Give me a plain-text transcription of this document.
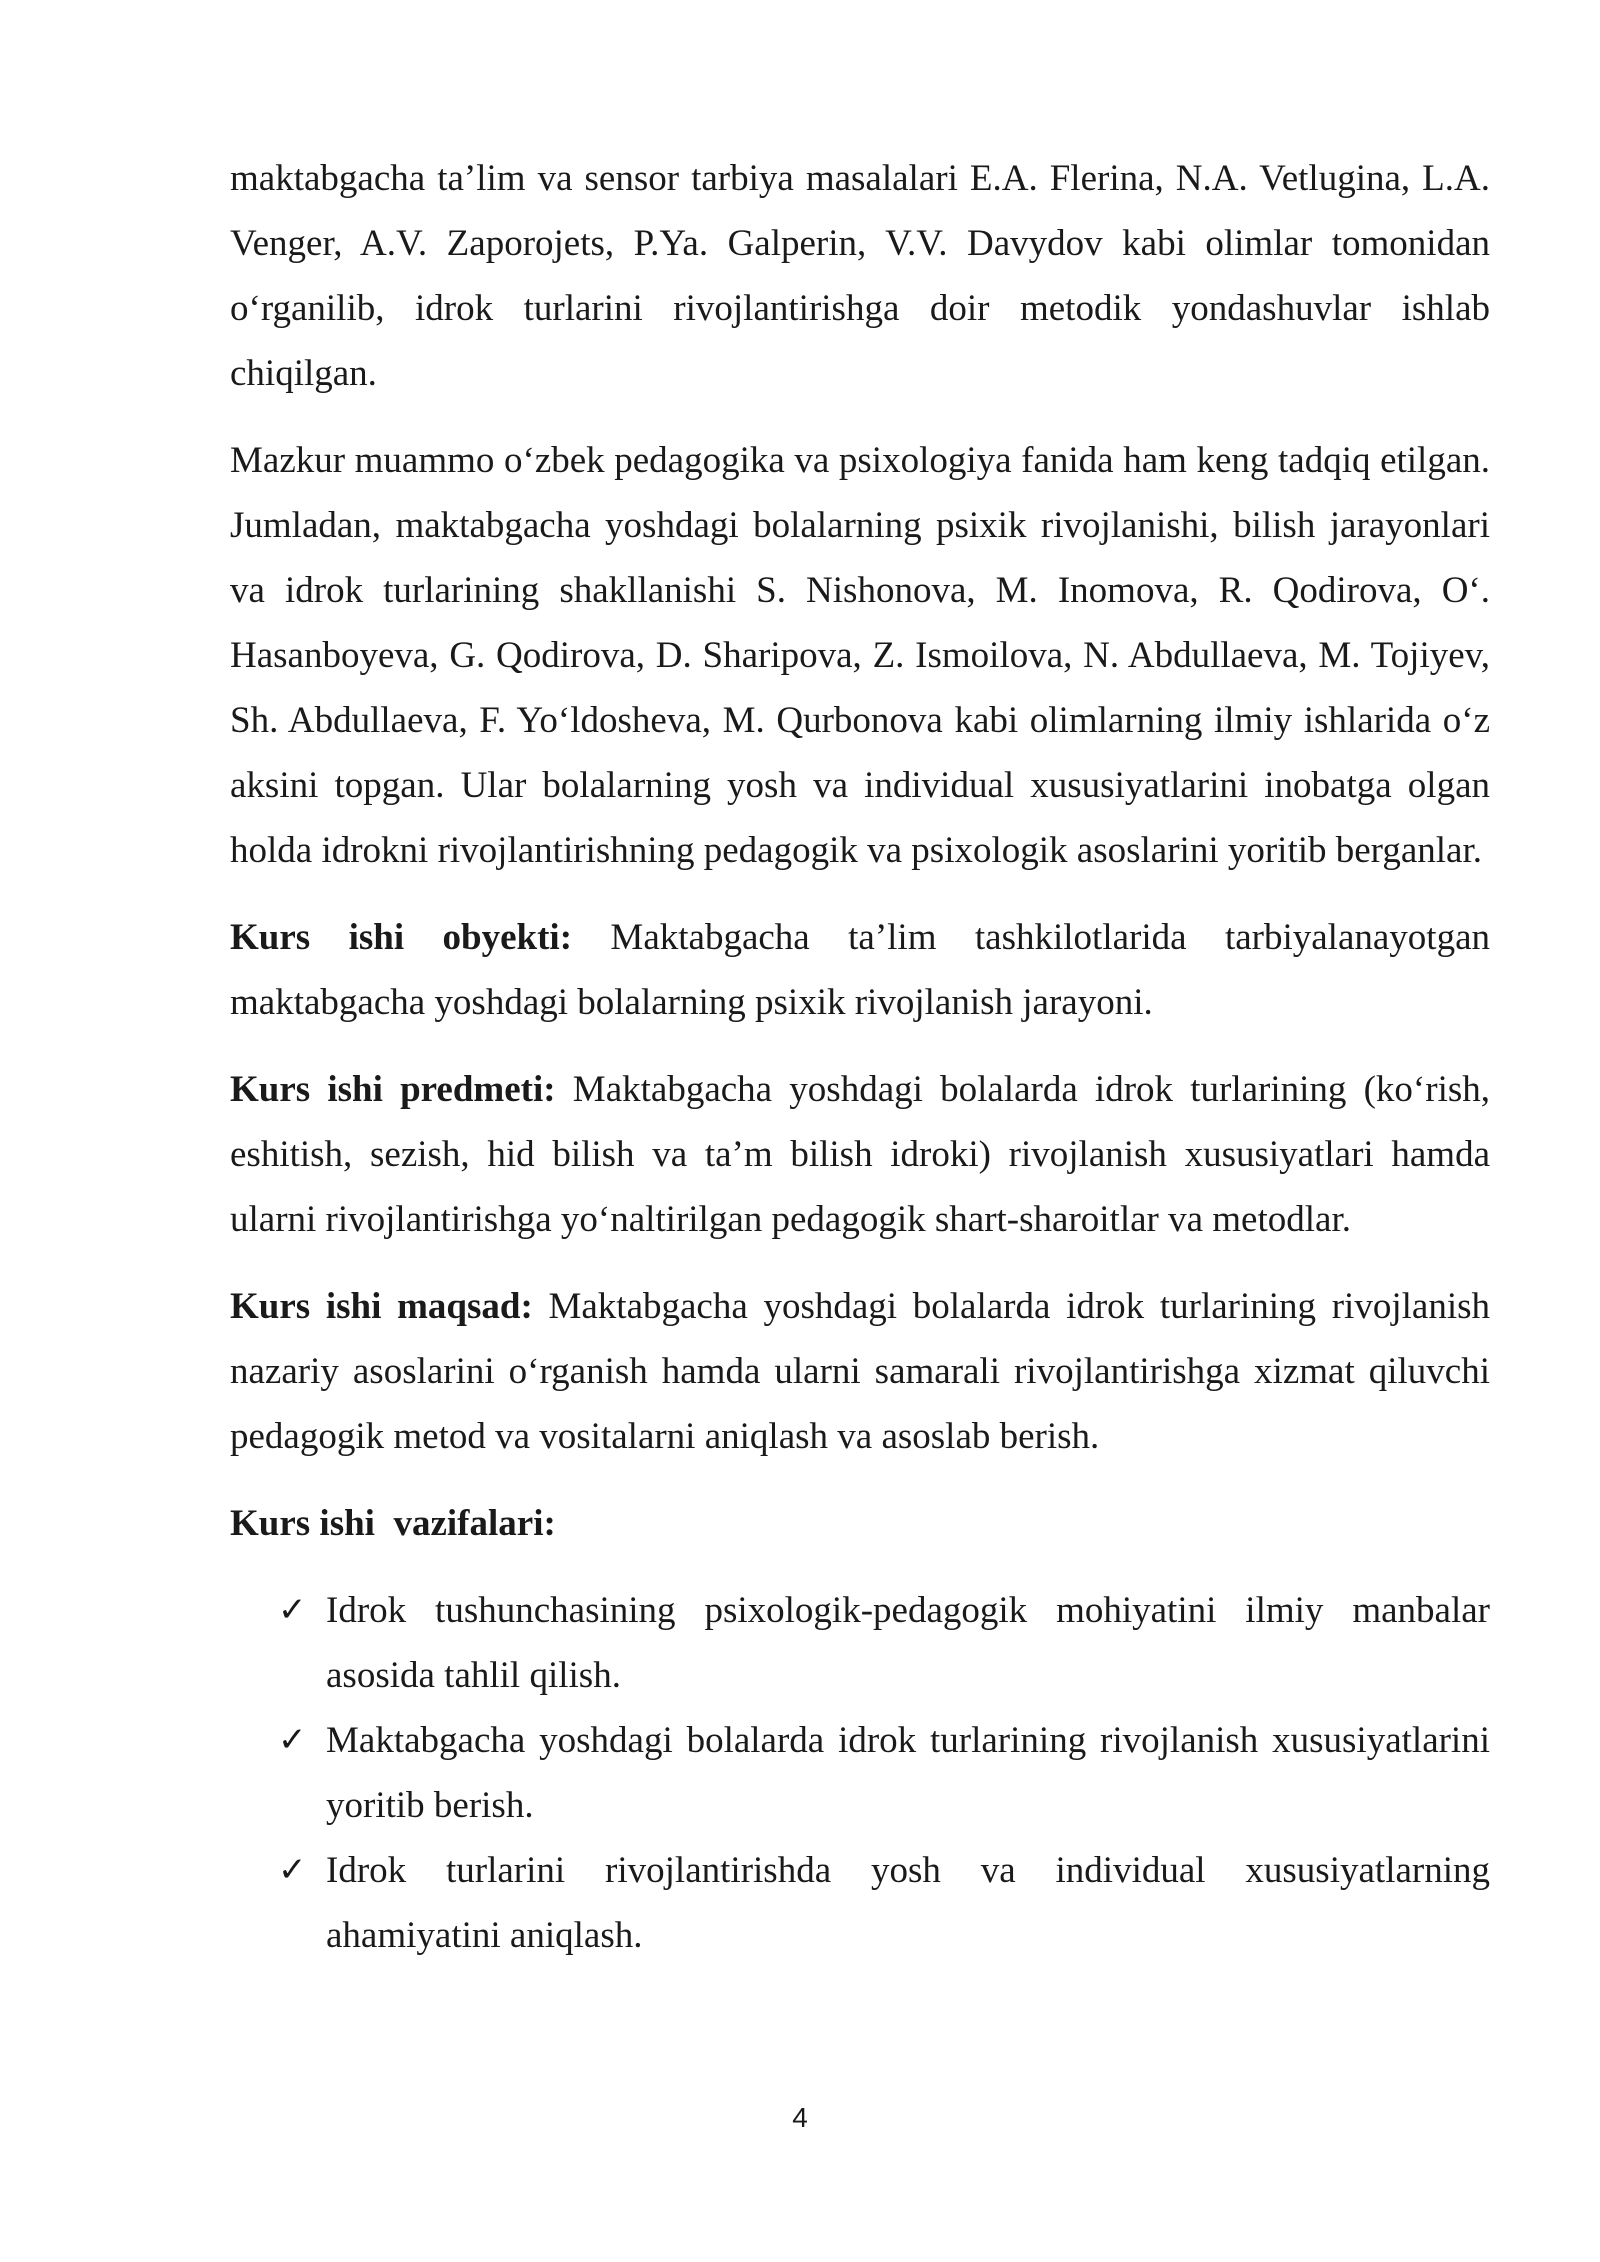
maktabgacha ta’lim va sensor tarbiya masalalari E.A. Flerina, N.A. Vetlugina, L.A. Venger, A.V. Zaporojets, P.Ya. Galperin, V.V. Davydov kabi olimlar tomonidan o‘rganilib, idrok turlarini rivojlantirishga doir metodik yondashuvlar ishlab chiqilgan.

Mazkur muammo o‘zbek pedagogika va psixologiya fanida ham keng tadqiq etilgan. Jumladan, maktabgacha yoshdagi bolalarning psixik rivojlanishi, bilish jarayonlari va idrok turlarining shakllanishi S. Nishonova, M. Inomova, R. Qodirova, O‘. Hasanboyeva, G. Qodirova, D. Sharipova, Z. Ismoilova, N. Abdullaeva, M. Tojiyev, Sh. Abdullaeva, F. Yo‘ldosheva, M. Qurbonova kabi olimlarning ilmiy ishlarida o‘z aksini topgan. Ular bolalarning yosh va individual xususiyatlarini inobatga olgan holda idrokni rivojlantirishning pedagogik va psixologik asoslarini yoritib berganlar.

Kurs ishi obyekti: Maktabgacha ta’lim tashkilotlarida tarbiyalanayotgan maktabgacha yoshdagi bolalarning psixik rivojlanish jarayoni.

Kurs ishi predmeti: Maktabgacha yoshdagi bolalarda idrok turlarining (ko‘rish, eshitish, sezish, hid bilish va ta’m bilish idroki) rivojlanish xususiyatlari hamda ularni rivojlantirishga yo‘naltirilgan pedagogik shart-sharoitlar va metodlar.

Kurs ishi maqsad: Maktabgacha yoshdagi bolalarda idrok turlarining rivojlanish nazariy asoslarini o‘rganish hamda ularni samarali rivojlantirishga xizmat qiluvchi pedagogik metod va vositalarni aniqlash va asoslab berish.

Kurs ishi  vazifalari:
✓ Idrok tushunchasining psixologik-pedagogik mohiyatini ilmiy manbalar asosida tahlil qilish.
✓ Maktabgacha yoshdagi bolalarda idrok turlarining rivojlanish xususiyatlarini yoritib berish.
✓ Idrok turlarini rivojlantirishda yosh va individual xususiyatlarning ahamiyatini aniqlash.
4
